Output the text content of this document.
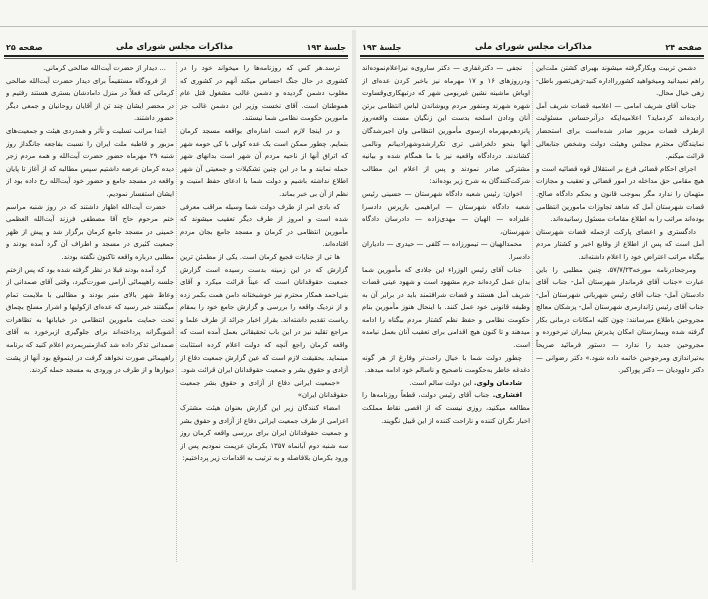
جلسهٔ ۱۹۳
مذاکرات مجلس شورای ملی
صفحه ۲۵

ترسد.هر کس که روزنامه‌ها را میخواند خود را در کشوری در حال جنگ احساس میکند آنهم در کشوری که مغلوب دشمن گردیده و دشمن غالب مشغول قتل عام هموطنان است. آقای نخست وزیر این دشمن غالب جز مامورین حکومت نظامی شما نیستند.

و در اینجا لازم است اشاره‌ای بواقعه مسجد کرمان بنمایم. چطور ممکن است یک عده کولی با کی حومه شهر که اتراق آنها از ناحیه مردم آن شهر است بدانهای شهر حمله نمایند و ما در این چنین تشکیلات و جمعیتی آن شهر اطلاع نداشته باشیم و دولت شما با ادعای حفظ امنیت و نظم از آن بی خبر بماند.

که بادی امر از طرف دولت شما وسیله مراقب معرفی شده است و امروز از طرف دیگر تعقیب میشوند که مأمورین انتظامی در کرمان و مسجد جامع بجان مردم افتاده‌اند.

ها تی از جنایات فجیع کرمان است. یکی از مطمئن ترین گزارش که در این زمینه بدست رسیده است گزارش جمعیت حقوقدانان است که عیناً قرائت میکرد و آقای بنی‌احمد همکار محترم نیز خوشبختانه دامن همت بکمر زده و از نزدیک واقعه را بررسی و گزارش جامع خود را بمقام ریاست تقدیم داشته‌اند. بقرار اخبار جرائد از طرف علما و مراجع تقلید نیز در این باب تحقیقاتی بعمل آمده است که واقعه کرمان راجع آنچه که دولت اعلام کرده استثابت مینماید. بحقیقت لازم است که عین گزارش جمعیت دفاع از آزادی و حقوق بشر و جمعیت حقوقدانان ایران قرائت شود.

«جمعیت ایرانی دفاع از آزادی و حقوق بشر جمعیت حقوقدانان ایران»

امضاء کنندگان زیر این گزارش بعنوان هیئت مشترک اعزامی از طرف جمعیت ایرانی دفاع از آزادی و حقوق بشر و جمعیت حقوقدانان ایران برای بررسی واقعه کرمان روز سه شنبه دوم آبانماه ۱۳۵۷ بکرمان عزیمت نمودیم پس از ورود بکرمان بلافاصله و به ترتیب به اقدامات زیر پرداختیم:

... دیدار از حضرت آیت‌الله صالحی کرمانی.

از فرودگاه مستقیماً برای دیدار حضرت آیت‌الله صالحی کرمانی که فعلاً در منزل دامادشان بستری هستند رفتیم و در محضر ایشان چند تن از آقایان روحانیان و جمعی دیگر حضور داشتند.

ابتدا مراتب تسلیت و تأثر و همدردی هیئت و جمعیت‌های مزبور و قاطبه ملت ایران را نسبت بفاجعه جانگداز روز شنبه ۲۹ مهرماه حضور حضرت آیت‌الله و همه مردم زجر دیده کرمان عرضه داشتیم سپس مطالبه که از آغاز تا پایان واقعه در مسجد جامع و حضور خود آیت‌الله رخ داده بود از ایشان استفسار نمودیم.

حضرت آیت‌الله اظهار داشتند که در روز شنبه مراسم ختم مرحوم حاج آقا مصطفی فرزند آیت‌الله العظمی خمینی در مسجد جامع کرمان برگزار شد و پیش از ظهر جمعیت کثیری در مسجد و اطراف آن گرد آمده بودند و مطلبی درباره واقعه تاکنون نگفته بودند.

گرد آمده بودند قبلا در نظر گرفته شده بود که پس ازختم جلسه راهپیمائی آرامی صورت‌گیرد، وقتی آقای صمدانی از وعاظ شهر بالای منبر بودند و مطالبی با ملایمت تمام میگفتند خبر رسید که عده‌ای ازکولیها و اشرار مسلح بچماق تحت حمایت مامورین انتظامی در خیابانها به تظاهرات آشوبگرانه پرداخته‌اند برای جلوگیری ازبرخورد به آقای صمدانی تذکر داده شد که‌ازمنبربمردم اعلام کنید که برنامه راهپیمائی صورت نخواهد گرفت در اینموقع بود آنها از پشت دیوارها و از طرف در ورودی به مسجد حمله کردند.

صفحه ۲۴
مذاکرات مجلس شورای ملی
جلسهٔ ۱۹۳

دشمن تربیت وبکارگرفته میشوند بهبرای کشتن ملت‌این راهم نمیدانید ومیخواهید کشوررااداره کنید-زهی‌تصور باطل-زهی خیال محال.

جناب آقای شریف امامی — اعلامیه قضات شریف آمل رادیده‌اند کردماید؟ اعلامیه‌ایکه درآنرحساس مسئولیت ازطرف قضات مزبور صادر شده‌است برای استحضار نمایندگان محترم مجلس وهیئت دولت وشخص جنابعالی قرائت میکنم.

اجرای احکام قضائی فرع بر استقلال قوه قضائیه است و هیچ مقامی حق مداخله در امور قضائی و تعقیب و مجازات متهمان را ندارد مگر بموجب قانون و بحکم دادگاه صالح. قضات شهرستان آمل که شاهد تجاوزات مامورین انتظامی بوده‌اند مراتب را به اطلاع مقامات مسئول رسانیده‌اند.

دادگستری و اعضای پارکت ازجمله قضات شهرستان آمل است که پس از اطلاع از وقایع اخیر و کشتار مردم بیگناه مراتب اعتراض خود را اعلام داشته‌اند.

ومرجحادرنامه مورخه۵۷/۷/۲۳، چنین مطلبی را باین عبارت «جناب آقای فرماندار شهرستان آمل- جناب آقای دادستان آمل- جناب آقای رئیس شهربانی شهرستان آمل- جناب آقای رئیس ژاندارمری شهرستان آمل- پزشکان معالج مجروحین باطلاع میرسانند: چون کلیه امکانات درمانی بکار گرفته شده وبیمارستان امکان پذیرش بیماران تیرخورده و مجروحین جدید را ندارد — دستور فرمائید صریحاً به‌تیراندازی ومرجوحین خاتمه داده شود.» دکتر رضوانی — دکتر داوودیان — دکتر پوراکبر.

نجفی — دکترغفاری — دکتر ساروی‌ه نیزاعلام‌نموده‌اند ودرروزهای ۱۶ و ۱۷ مهرماه نیز باخبر کردن عده‌ای از اوباش ماشینه نشین غیربومی شهر که درتبهکاری‌وقساوت شهره شهرند ومنفور مردم ویوشاندن لباس انتظامی برتن آنان ودادن اسلحه بدست این زنگیان مست واقعه‌روز پانزدهم‌مهرماه ازسوی مأمورین انتظامی وان اجیرشدگان آنها بنحو دلخراشی تری تکرارشدوشهرادیبانم ونالمی کشاندند. دردادگاه واقعیه نیز با ما همگام شده و بیانیه مشترکی صادر نمودند و پس از اعلام این مطالب شرکت‌کنندگان به شرح زیر بوده‌اند:

اخوان: رئیس شعبه‌ دادگاه شهرستان — حسینی رئیس شعبه‌ دادگاه شهرستان — ابراهیمی بازپرس دادسرا علیزاده — الهیان — مهدی‌زاده — دادرسان دادگاه شهرستان،

محمدالهیان — تیمورزاده — کلفی — حیدری — دادیاران دادسرا.

جناب آقای رئیس الوزراء این جلادی که مأمورین شما بدان عمل کرده‌اند جرم مشهود است و شهود عینی قضات شریف آمل هستند و قضات شرافتمند باید در برابر آن به وظیفه قانونی خود عمل کنند. با اینحال هنوز مأمورین بنام حکومت نظامی و حفظ نظم کشتار مردم بیگناه را ادامه میدهند و تا کنون هیچ اقدامی برای تعقیب آنان بعمل نیامده است.

چطور دولت شما با خیال راحت‌تر وفارغ از هر گونه دغدغه خاطر به‌حکومت ناصحیح و ناسالم خود ادامه میدهد.

شادمان ولوی. این دولت سالم است.

افشاری. جناب آقای رئیس دولت، قطعاً روزنامه‌ها را مطالعه میکنید، روزی نیست که از اقصی نقاط مملکت اخبار نگران کننده و ناراحت کننده از این قبیل نگویند.
